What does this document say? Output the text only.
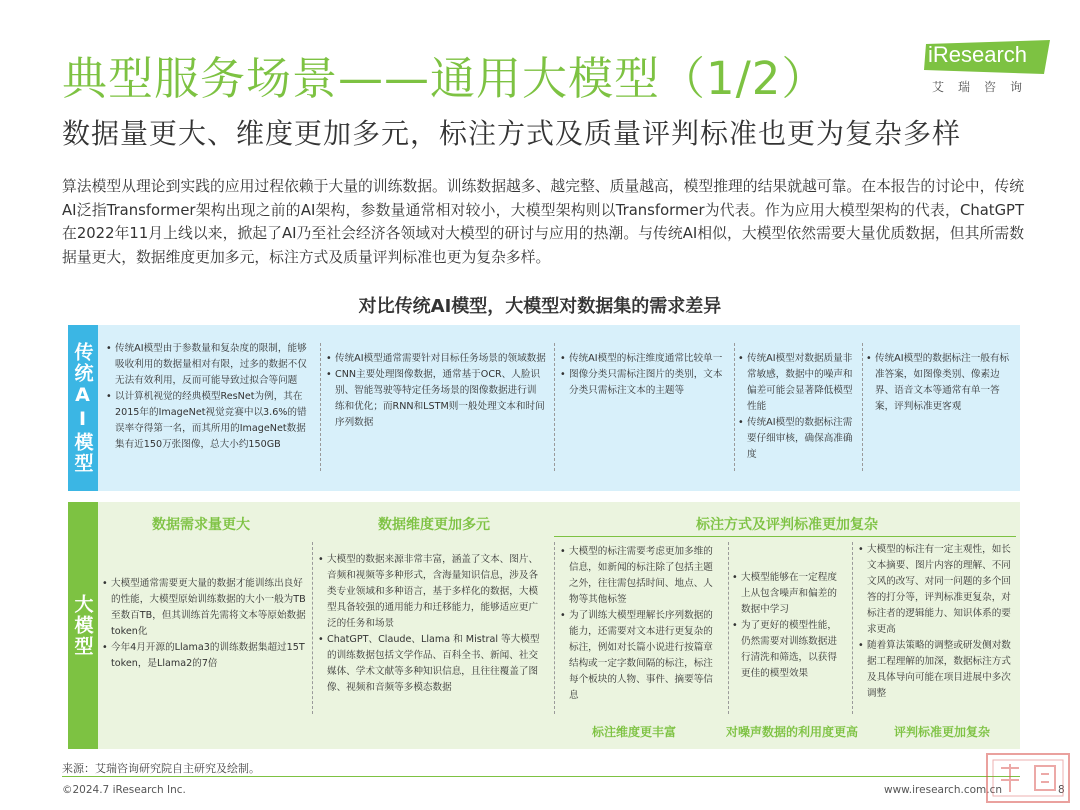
典型服务场景——通用大模型（1/2）
数据量更大、维度更加多元，标注方式及质量评判标准也更为复杂多样
iResearch
艾瑞咨询

算法模型从理论到实践的应用过程依赖于大量的训练数据。训练数据越多、越完整、质量越高，模型推理的结果就越可靠。在本报告的讨论中，传统AI泛指Transformer架构出现之前的AI架构，参数量通常相对较小，大模型架构则以Transformer为代表。作为应用大模型架构的代表，ChatGPT在2022年11月上线以来，掀起了AI乃至社会经济各领域对大模型的研讨与应用的热潮。与传统AI相似，大模型依然需要大量优质数据，但其所需数据量更大，数据维度更加多元，标注方式及质量评判标准也更为复杂多样。

对比传统AI模型，大模型对数据集的需求差异
传统AI模型
•	传统AI模型由于参数量和复杂度的限制，能够吸收利用的数据量相对有限，过多的数据不仅无法有效利用，反而可能导致过拟合等问题
• 以计算机视觉的经典模型ResNet为例，其在2015年的ImageNet视觉竞赛中以3.6%的错误率夺得第一名，而其所用的ImageNet数据集有近150万张图像，总大小约150GB
• 传统AI模型通常需要针对目标任务场景的领域数据
• CNN主要处理图像数据，通常基于OCR、人脸识别、智能驾驶等特定任务场景的图像数据进行训练和优化；而RNN和LSTM则一般处理文本和时间序列数据
• 传统AI模型的标注维度通常比较单一
• 图像分类只需标注图片的类别，文本分类只需标注文本的主题等
• 传统AI模型对数据质量非常敏感，数据中的噪声和偏差可能会显著降低模型性能
• 传统AI模型的数据标注需要仔细审核，确保高准确度
• 传统AI模型的数据标注一般有标准答案，如图像类别、像素边界、语音文本等通常有单一答案，评判标准更客观
大模型
数据需求量更大	数据维度更加多元	标注方式及评判标准更加复杂
• 大模型通常需要更大量的数据才能训练出良好的性能，大模型原始训练数据的大小一般为TB至数百TB，但其训练首先需将文本等原始数据token化
• 今年4月开源的Llama3的训练数据集超过15T token，是Llama2的7倍
• 大模型的数据来源非常丰富，涵盖了文本、图片、音频和视频等多种形式，含海量知识信息，涉及各类专业领域和多种语言，基于多样化的数据，大模型具备较强的通用能力和迁移能力，能够适应更广泛的任务和场景
• ChatGPT、Claude、Llama 和 Mistral 等大模型的训练数据包括文学作品、百科全书、新闻、社交媒体、学术文献等多种知识信息，且往往覆盖了图像、视频和音频等多模态数据
• 大模型的标注需要考虑更加多维的信息，如新闻的标注除了包括主题之外，往往需包括时间、地点、人物等其他标签
• 为了训练大模型理解长序列数据的能力，还需要对文本进行更复杂的标注，例如对长篇小说进行按篇章结构或一定字数间隔的标注，标注每个板块的人物、事件、摘要等信息
• 大模型能够在一定程度上从包含噪声和偏差的数据中学习
• 为了更好的模型性能，仍然需要对训练数据进行清洗和筛选，以获得更佳的模型效果
• 大模型的标注有一定主观性，如长文本摘要、图片内容的理解、不同文风的改写、对同一问题的多个回答的打分等，评判标准更复杂，对标注者的逻辑能力、知识体系的要求更高
• 随着算法策略的调整或研发侧对数据工程理解的加深，数据标注方式及具体导向可能在项目进展中多次调整
标注维度更丰富	对噪声数据的利用度更高	评判标准更加复杂
来源：艾瑞咨询研究院自主研究及绘制。
©2024.7 iResearch Inc.	www.iresearch.com.cn	8
